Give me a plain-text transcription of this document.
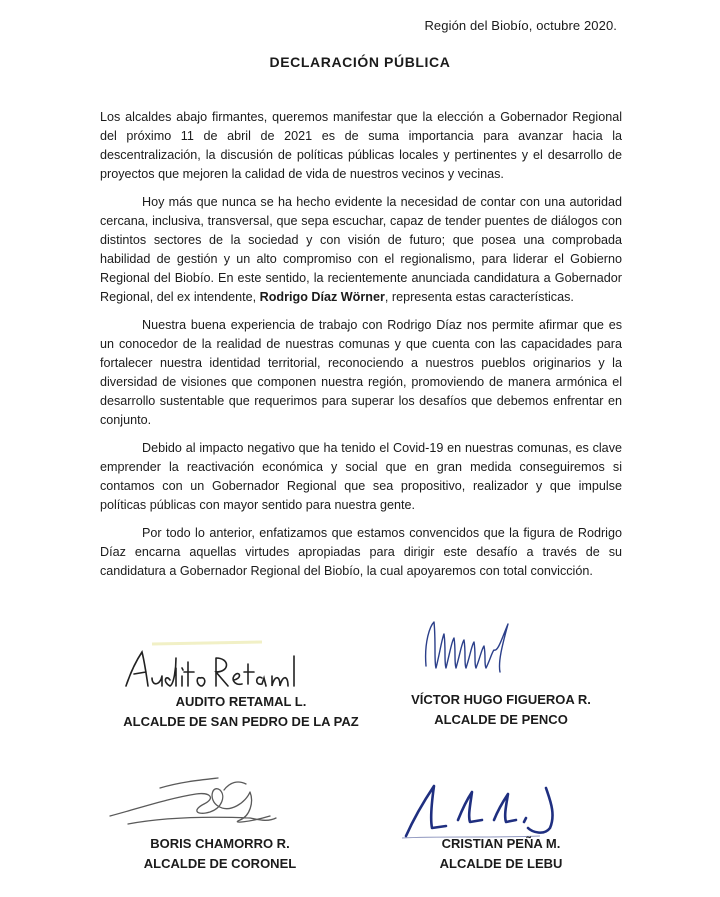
Región del Biobío, octubre 2020.
DECLARACIÓN PÚBLICA

Los alcaldes abajo firmantes, queremos manifestar que la elección a Gobernador Regional del próximo 11 de abril de 2021 es de suma importancia para avanzar hacia la descentralización, la discusión de políticas públicas locales y pertinentes y el desarrollo de proyectos que mejoren la calidad de vida de nuestros vecinos y vecinas.

Hoy más que nunca se ha hecho evidente la necesidad de contar con una autoridad cercana, inclusiva, transversal, que sepa escuchar, capaz de tender puentes de diálogos con distintos sectores de la sociedad y con visión de futuro; que posea una comprobada habilidad de gestión y un alto compromiso con el regionalismo, para liderar el Gobierno Regional del Biobío. En este sentido, la recientemente anunciada candidatura a Gobernador Regional, del ex intendente, Rodrigo Díaz Wörner, representa estas características.

Nuestra buena experiencia de trabajo con Rodrigo Díaz nos permite afirmar que es un conocedor de la realidad de nuestras comunas y que cuenta con las capacidades para fortalecer nuestra identidad territorial, reconociendo a nuestros pueblos originarios y la diversidad de visiones que componen nuestra región, promoviendo de manera armónica el desarrollo sustentable que requerimos para superar los desafíos que debemos enfrentar en conjunto.

Debido al impacto negativo que ha tenido el Covid-19 en nuestras comunas, es clave emprender la reactivación económica y social que en gran medida conseguiremos si contamos con un Gobernador Regional que sea propositivo, realizador y que impulse políticas públicas con mayor sentido para nuestra gente.

Por todo lo anterior, enfatizamos que estamos convencidos que la figura de Rodrigo Díaz encarna aquellas virtudes apropiadas para dirigir este desafío a través de su candidatura a Gobernador Regional del Biobío, la cual apoyaremos con total convicción.

AUDITO RETAMAL L.
ALCALDE DE SAN PEDRO DE LA PAZ
VÍCTOR HUGO FIGUEROA R.
ALCALDE DE PENCO
BORIS CHAMORRO R.
ALCALDE DE CORONEL
CRISTIAN PEÑA M.
ALCALDE DE LEBU
